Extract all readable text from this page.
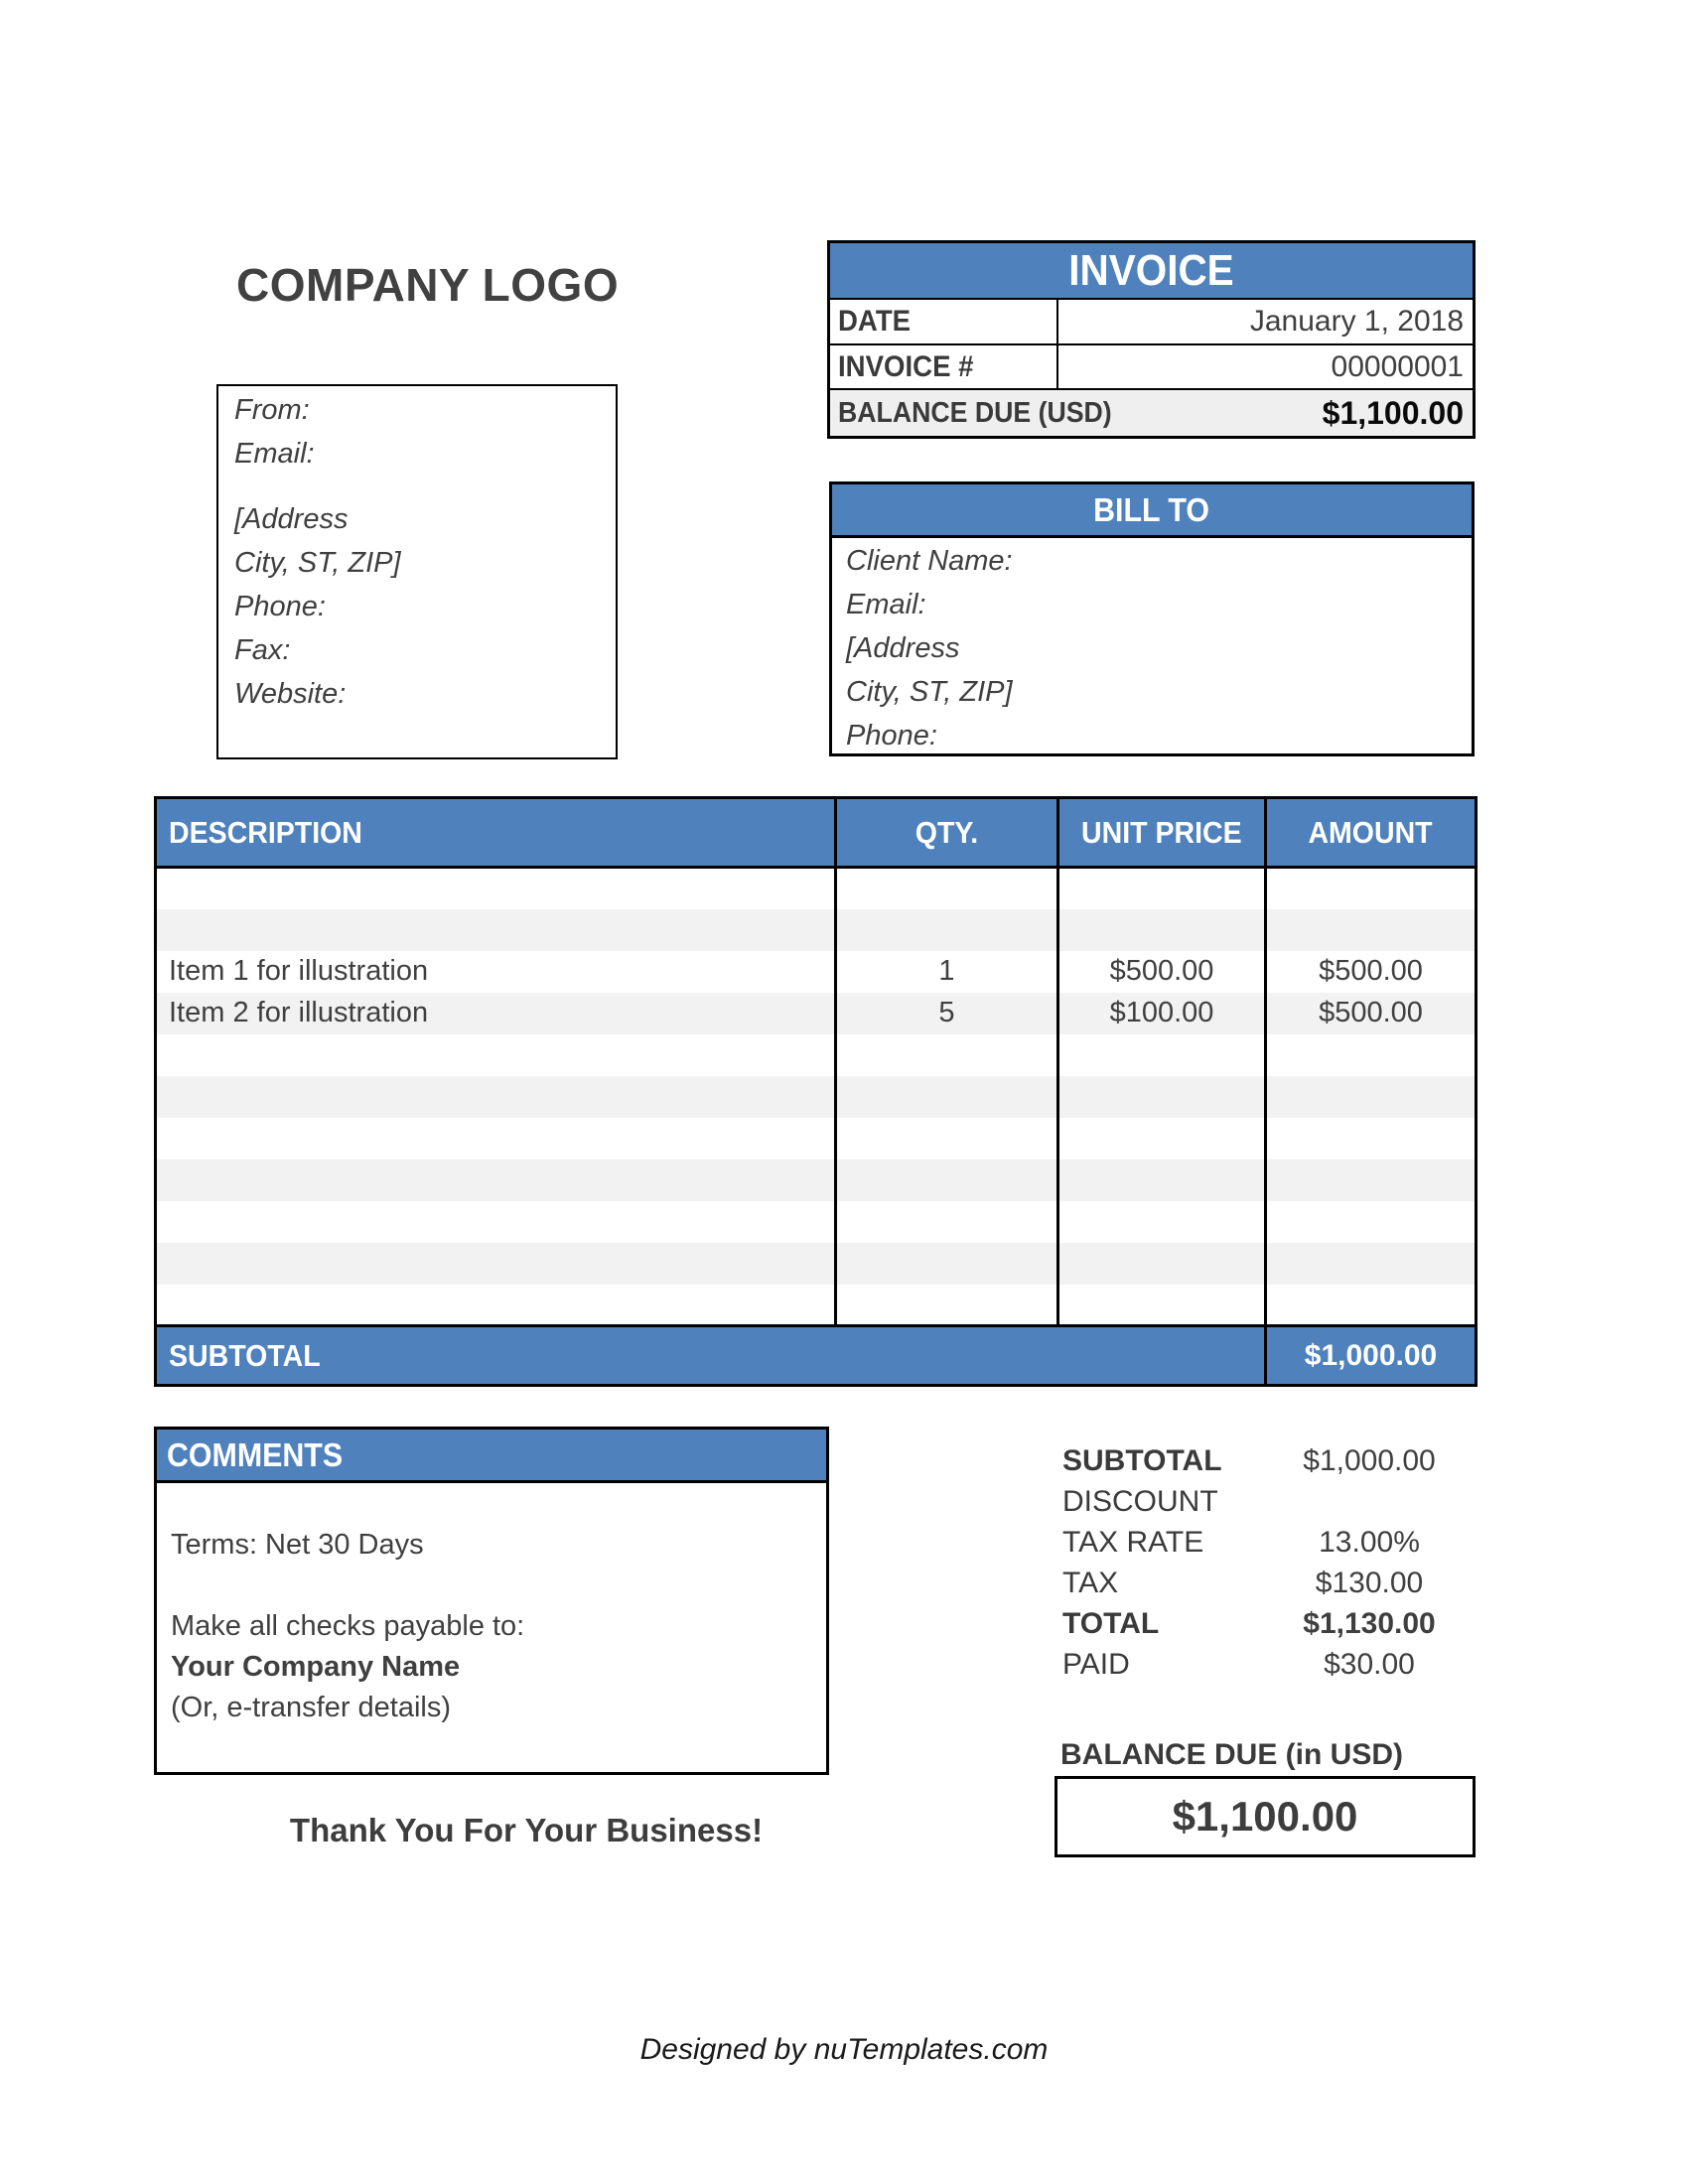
COMPANY LOGO	INVOICE
DATE	January 1, 2018
INVOICE #	00000001
BALANCE DUE (USD)	$1,100.00
From:
Email:
[Address
City, ST, ZIP]
Phone:
Fax:
Website:
BILL TO
Client Name:
Email:
[Address
City, ST, ZIP]
Phone:
DESCRIPTION	QTY.	UNIT PRICE	AMOUNT

Item 1 for illustration	1	$500.00	$500.00
Item 2 for illustration	5	$100.00	$500.00

SUBTOTAL			$1,000.00
COMMENTS
Terms: Net 30 Days
Make all checks payable to:
Your Company Name
(Or, e-transfer details)
SUBTOTAL	$1,000.00
DISCOUNT
TAX RATE	13.00%
TAX	$130.00
TOTAL	$1,130.00
PAID	$30.00
BALANCE DUE (in USD)
$1,100.00
Thank You For Your Business!
Designed by nuTemplates.com
